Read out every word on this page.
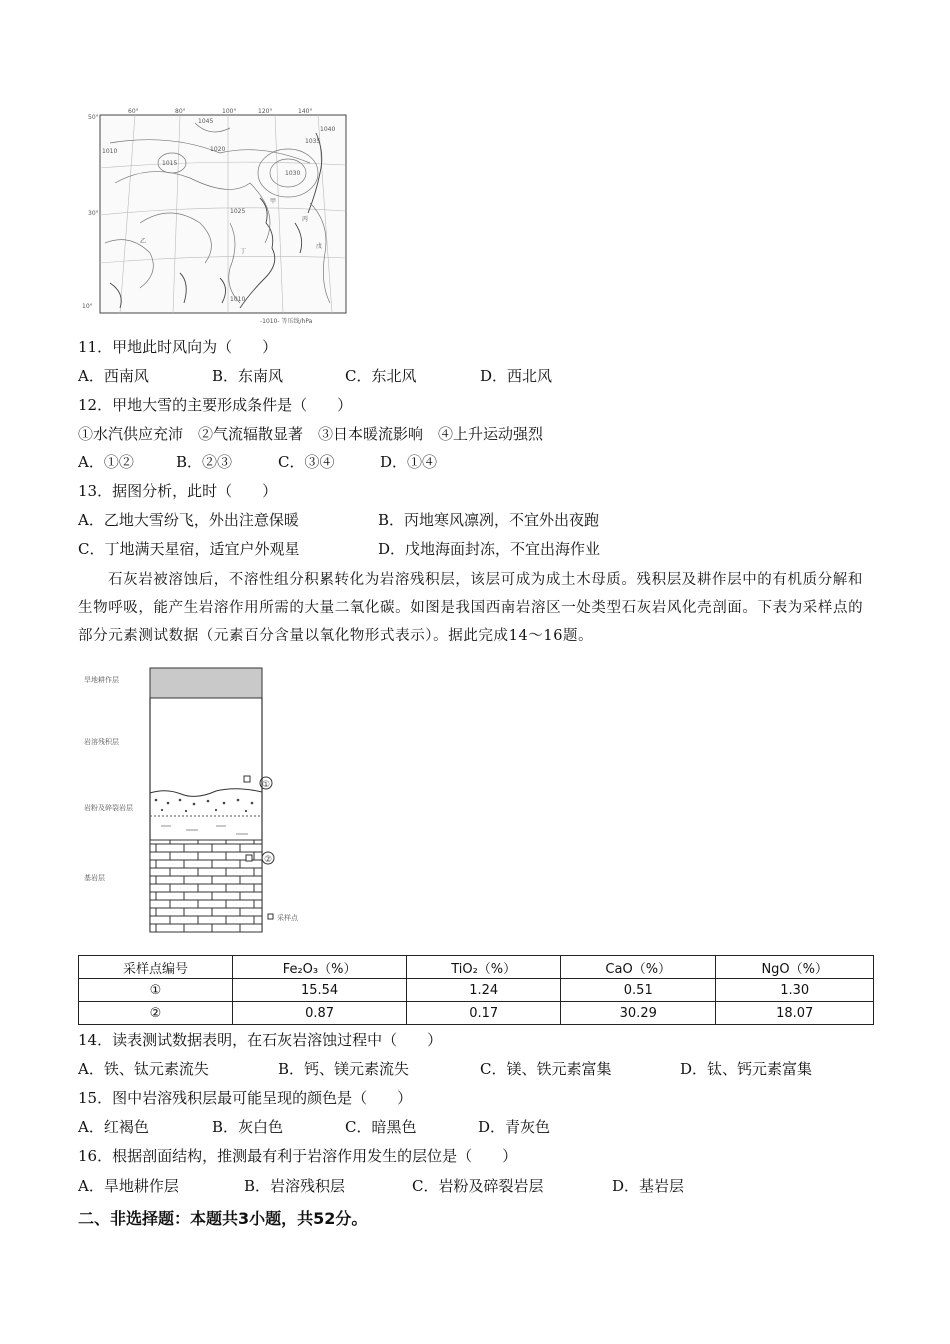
60°	80°	100°	120°	140°
50°
30°
10°
1010
1015
1020
1025
1030
1035
1040
1045
1010
甲
乙
丙
丁
戊
-1010- 等压线/hPa
11．甲地此时风向为（　　）
A．西南风	B．东南风	C．东北风	D．西北风
12．甲地大雪的主要形成条件是（　　）
①水汽供应充沛　②气流辐散显著　③日本暖流影响　④上升运动强烈
A．①②	B．②③	C．③④	D．①④
13．据图分析，此时（　　）
A．乙地大雪纷飞，外出注意保暖	B．丙地寒风凛冽，不宜外出夜跑
C．丁地满天星宿，适宜户外观星	D．戊地海面封冻，不宜出海作业
石灰岩被溶蚀后，不溶性组分积累转化为岩溶残积层，该层可成为成土木母质。残积层及耕作层中的有机质分解和生物呼吸，能产生岩溶作用所需的大量二氧化碳。如图是我国西南岩溶区一处类型石灰岩风化壳剖面。下表为采样点的部分元素测试数据（元素百分含量以氧化物形式表示）。据此完成14～16题。
旱地耕作层
岩溶残积层
岩粉及碎裂岩层
基岩层
①
②
采样点
采样点编号	Fe₂O₃（%）	TiO₂（%）	CaO（%）	NgO（%）
①	15.54	1.24	0.51	1.30
②	0.87	0.17	30.29	18.07
14．读表测试数据表明，在石灰岩溶蚀过程中（　　）
A．铁、钛元素流失	B．钙、镁元素流失	C．镁、铁元素富集	D．钛、钙元素富集
15．图中岩溶残积层最可能呈现的颜色是（　　）
A．红褐色	B．灰白色	C．暗黑色	D．青灰色
16．根据剖面结构，推测最有利于岩溶作用发生的层位是（　　）
A．旱地耕作层	B．岩溶残积层	C．岩粉及碎裂岩层	D．基岩层
二、非选择题：本题共3小题，共52分。
